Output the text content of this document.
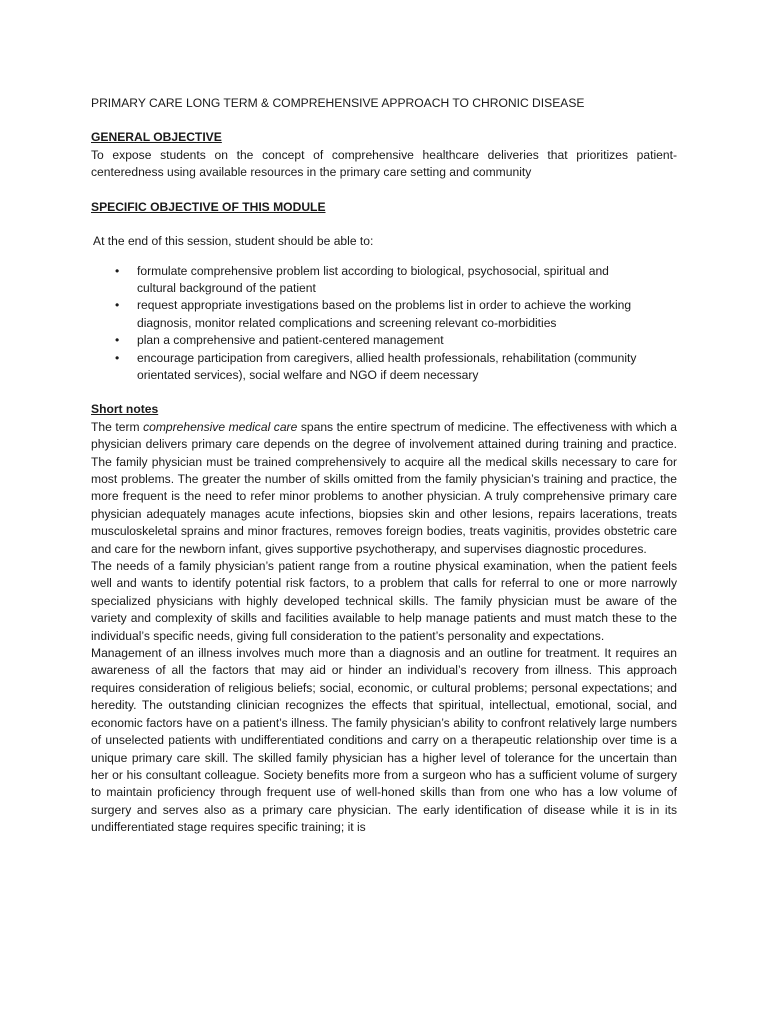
PRIMARY CARE LONG TERM & COMPREHENSIVE APPROACH TO CHRONIC DISEASE
GENERAL OBJECTIVE

To expose students on the concept of comprehensive healthcare deliveries that prioritizes patient-centeredness using available resources in the primary care setting and community

SPECIFIC OBJECTIVE OF THIS MODULE

At the end of this session, student should be able to:

• formulate comprehensive problem list according to biological, psychosocial, spiritual and cultural background of the patient
• request appropriate investigations based on the problems list in order to achieve the working diagnosis, monitor related complications and screening relevant co-morbidities
• plan a comprehensive and patient-centered management
• encourage participation from caregivers, allied health professionals, rehabilitation (community orientated services), social welfare and NGO if deem necessary
Short notes

The term comprehensive medical care spans the entire spectrum of medicine. The effectiveness with which a physician delivers primary care depends on the degree of involvement attained during training and practice. The family physician must be trained comprehensively to acquire all the medical skills necessary to care for most problems. The greater the number of skills omitted from the family physician’s training and practice, the more frequent is the need to refer minor problems to another physician. A truly comprehensive primary care physician adequately manages acute infections, biopsies skin and other lesions, repairs lacerations, treats musculoskeletal sprains and minor fractures, removes foreign bodies, treats vaginitis, provides obstetric care and care for the newborn infant, gives supportive psychotherapy, and supervises diagnostic procedures.

The needs of a family physician’s patient range from a routine physical examination, when the patient feels well and wants to identify potential risk factors, to a problem that calls for referral to one or more narrowly specialized physicians with highly developed technical skills. The family physician must be aware of the variety and complexity of skills and facilities available to help manage patients and must match these to the individual’s specific needs, giving full consideration to the patient’s personality and expectations.

Management of an illness involves much more than a diagnosis and an outline for treatment. It requires an awareness of all the factors that may aid or hinder an individual’s recovery from illness. This approach requires consideration of religious beliefs; social, economic, or cultural problems; personal expectations; and heredity. The outstanding clinician recognizes the effects that spiritual, intellectual, emotional, social, and economic factors have on a patient’s illness. The family physician’s ability to confront relatively large numbers of unselected patients with undifferentiated conditions and carry on a therapeutic relationship over time is a unique primary care skill. The skilled family physician has a higher level of tolerance for the uncertain than her or his consultant colleague. Society benefits more from a surgeon who has a sufficient volume of surgery to maintain proficiency through frequent use of well-honed skills than from one who has a low volume of surgery and serves also as a primary care physician. The early identification of disease while it is in its undifferentiated stage requires specific training; it is
